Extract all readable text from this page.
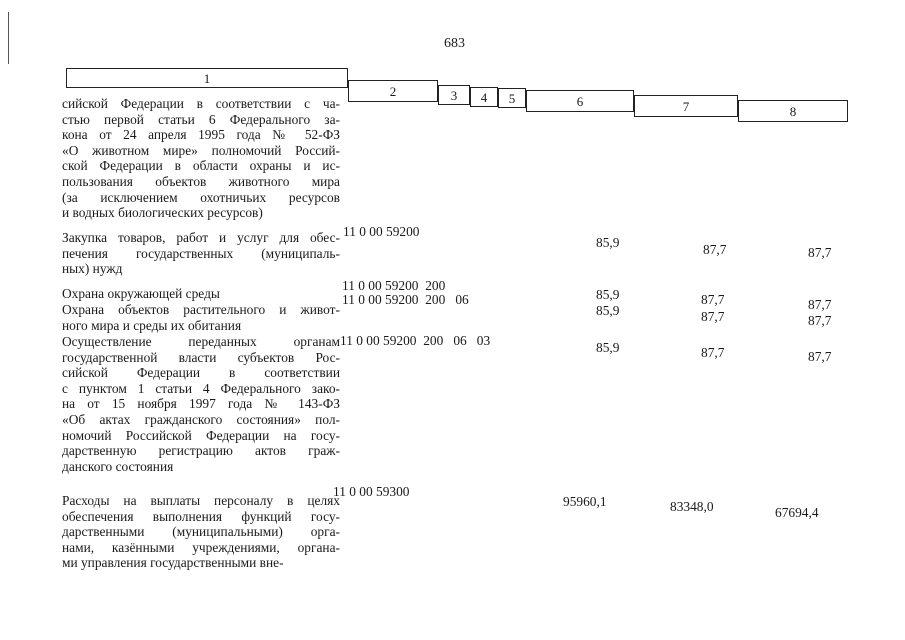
683
1
2	3	4	5	6	7	8
сийской Федерации в соответствии с ча-
стью первой статьи 6 Федерального за-
кона от 24 апреля 1995 года № 52-ФЗ
«О животном мире» полномочий Россий-
ской Федерации в области охраны и ис-
пользования объектов животного мира
(за исключением охотничьих ресурсов
и водных биологических ресурсов)
Закупка товаров, работ и услуг для обес-
печения государственных (муниципаль-
ных) нужд
11 0 00 59200
85,9	87,7	87,7
Охрана окружающей среды
11 0 00 59200  200
85,9	87,7	87,7
Охрана объектов растительного и живот-
ного мира и среды их обитания
11 0 00 59200  200   06
85,9	87,7	87,7
Осуществление переданных органам
государственной власти субъектов Рос-
сийской Федерации в соответствии
с пунктом 1 статьи 4 Федерального зако-
на от 15 ноября 1997 года № 143-ФЗ
«Об актах гражданского состояния» пол-
номочий Российской Федерации на госу-
дарственную регистрацию актов граж-
данского состояния
11 0 00 59200  200   06   03	85,9	87,7	87,7
Расходы на выплаты персоналу в целях
обеспечения выполнения функций госу-
дарственными (муниципальными) орга-
нами, казёнными учреждениями, органа-
ми управления государственными вне-
11 0 00 59300
95960,1	83348,0	67694,4
